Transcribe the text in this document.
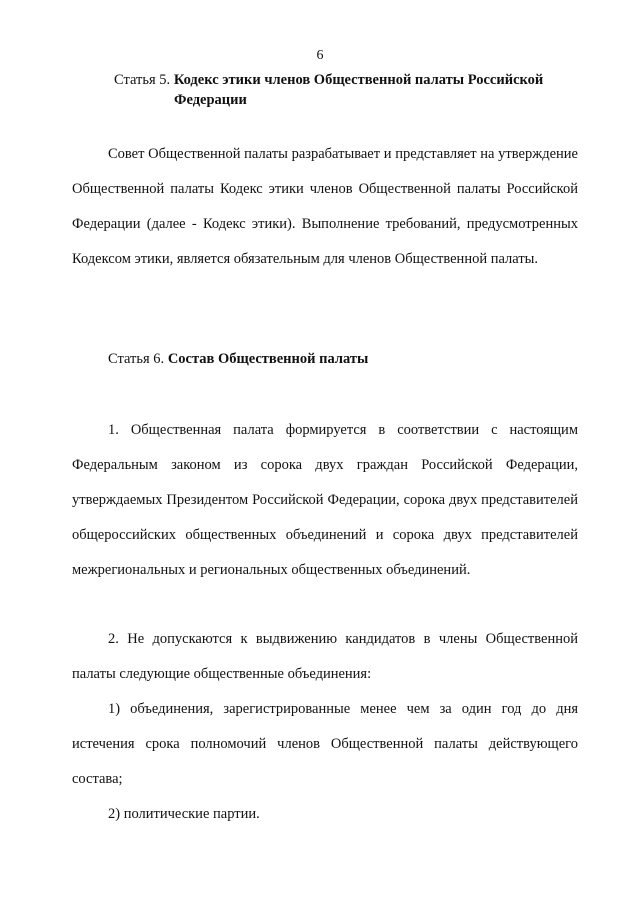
6
Статья 5. Кодекс этики членов Общественной палаты Российской
Федерации
Совет Общественной палаты разрабатывает и представляет на утверждение Общественной палаты Кодекс этики членов Общественной палаты Российской Федерации (далее - Кодекс этики). Выполнение требований, предусмотренных Кодексом этики, является обязательным для членов Общественной палаты.
Статья 6. Состав Общественной палаты
1. Общественная палата формируется в соответствии с настоящим Федеральным законом из сорока двух граждан Российской Федерации, утверждаемых Президентом Российской Федерации, сорока двух представителей общероссийских общественных объединений и сорока двух представителей межрегиональных и региональных общественных объединений.
2. Не допускаются к выдвижению кандидатов в члены Общественной палаты следующие общественные объединения:
1) объединения, зарегистрированные менее чем за один год до дня истечения срока полномочий членов Общественной палаты действующего состава;
2) политические партии.
